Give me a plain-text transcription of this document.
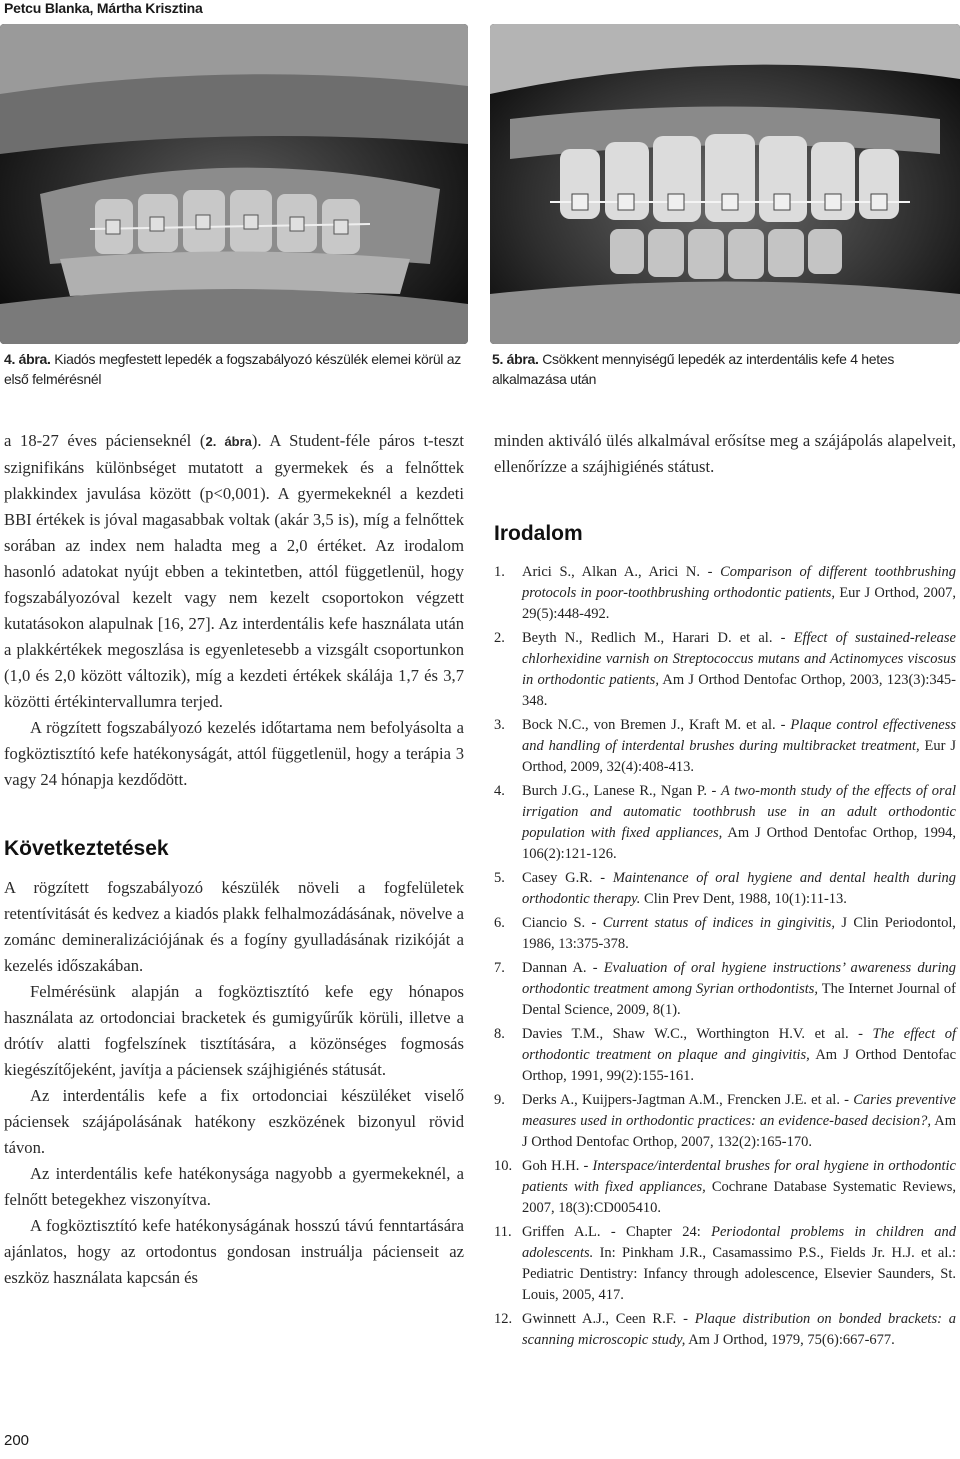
Petcu Blanka, Mártha Krisztina
4. ábra. Kiadós megfestett lepedék a fogszabályozó készülék elemei körül az első felmérésnél
5. ábra. Csökkent mennyiségű lepedék az interdentális kefe 4 hetes alkalmazása után

a 18-27 éves pácienseknél (2. ábra). A Student-féle páros t-teszt szignifikáns különbséget mutatott a gyermekek és a felnőttek plakkindex javulása között (p<0,001). A gyermekeknél a kezdeti BBI értékek is jóval magasabbak voltak (akár 3,5 is), míg a felnőttek sorában az index nem haladta meg a 2,0 értéket. Az irodalom hasonló adatokat nyújt ebben a tekintetben, attól függetlenül, hogy fogszabályozóval kezelt vagy nem kezelt csoportokon végzett kutatásokon alapulnak [16, 27]. Az interdentális kefe használata után a plakkértékek megoszlása is egyenletesebb a vizsgált csoportunkon (1,0 és 2,0 között változik), míg a kezdeti értékek skálája 1,7 és 3,7 közötti értékintervallumra terjed.

A rögzített fogszabályozó kezelés időtartama nem befolyásolta a fogköztisztító kefe hatékonyságát, attól függetlenül, hogy a terápia 3 vagy 24 hónapja kezdődött.

Következtetések

A rögzített fogszabályozó készülék növeli a fogfelületek retentívitását és kedvez a kiadós plakk felhalmozádásának, növelve a zománc demineralizációjának és a fogíny gyulladásának rizikóját a kezelés időszakában.

Felmérésünk alapján a fogköztisztító kefe egy hónapos használata az ortodonciai bracketek és gumigyűrűk körüli, illetve a drótív alatti fogfelszínek tisztítására, a közönséges fogmosás kiegészítőjeként, javítja a páciensek szájhigiénés státusát.

Az interdentális kefe a fix ortodonciai készüléket viselő páciensek szájápolásának hatékony eszközének bizonyul rövid távon.

Az interdentális kefe hatékonysága nagyobb a gyermekeknél, a felnőtt betegekhez viszonyítva.

A fogköztisztító kefe hatékonyságának hosszú távú fenntartására ajánlatos, hogy az ortodontus gondosan instruálja pácienseit az eszköz használata kapcsán és

minden aktiváló ülés alkalmával erősítse meg a szájápolás alapelveit, ellenőrízze a szájhigiénés státust.

Irodalom
1. Arici S., Alkan A., Arici N. - Comparison of different toothbrushing protocols in poor-toothbrushing orthodontic patients, Eur J Orthod, 2007, 29(5):448-492.
2. Beyth N., Redlich M., Harari D. et al. - Effect of sustained-release chlorhexidine varnish on Streptococcus mutans and Actinomyces viscosus in orthodontic patients, Am J Orthod Dentofac Orthop, 2003, 123(3):345-348.
3. Bock N.C., von Bremen J., Kraft M. et al. - Plaque control effectiveness and handling of interdental brushes during multibracket treatment, Eur J Orthod, 2009, 32(4):408-413.
4. Burch J.G., Lanese R., Ngan P. - A two-month study of the effects of oral irrigation and automatic toothbrush use in an adult orthodontic population with fixed appliances, Am J Orthod Dentofac Orthop, 1994, 106(2):121-126.
5. Casey G.R. - Maintenance of oral hygiene and dental health during orthodontic therapy. Clin Prev Dent, 1988, 10(1):11-13.
6. Ciancio S. - Current status of indices in gingivitis, J Clin Periodontol, 1986, 13:375-378.
7. Dannan A. - Evaluation of oral hygiene instructions’ awareness during orthodontic treatment among Syrian orthodontists, The Internet Journal of Dental Science, 2009, 8(1).
8. Davies T.M., Shaw W.C., Worthington H.V. et al. - The effect of orthodontic treatment on plaque and gingivitis, Am J Orthod Dentofac Orthop, 1991, 99(2):155-161.
9. Derks A., Kuijpers-Jagtman A.M., Frencken J.E. et al. - Caries preventive measures used in orthodontic practices: an evidence-based decision?, Am J Orthod Dentofac Orthop, 2007, 132(2):165-170.
10. Goh H.H. - Interspace/interdental brushes for oral hygiene in orthodontic patients with fixed appliances, Cochrane Database Systematic Reviews, 2007, 18(3):CD005410.
11. Griffen A.L. - Chapter 24: Periodontal problems in children and adolescents. In: Pinkham J.R., Casamassimo P.S., Fields Jr. H.J. et al.: Pediatric Dentistry: Infancy through adolescence, Elsevier Saunders, St. Louis, 2005, 417.
12. Gwinnett A.J., Ceen R.F. - Plaque distribution on bonded brackets: a scanning microscopic study, Am J Orthod, 1979, 75(6):667-677.
200
